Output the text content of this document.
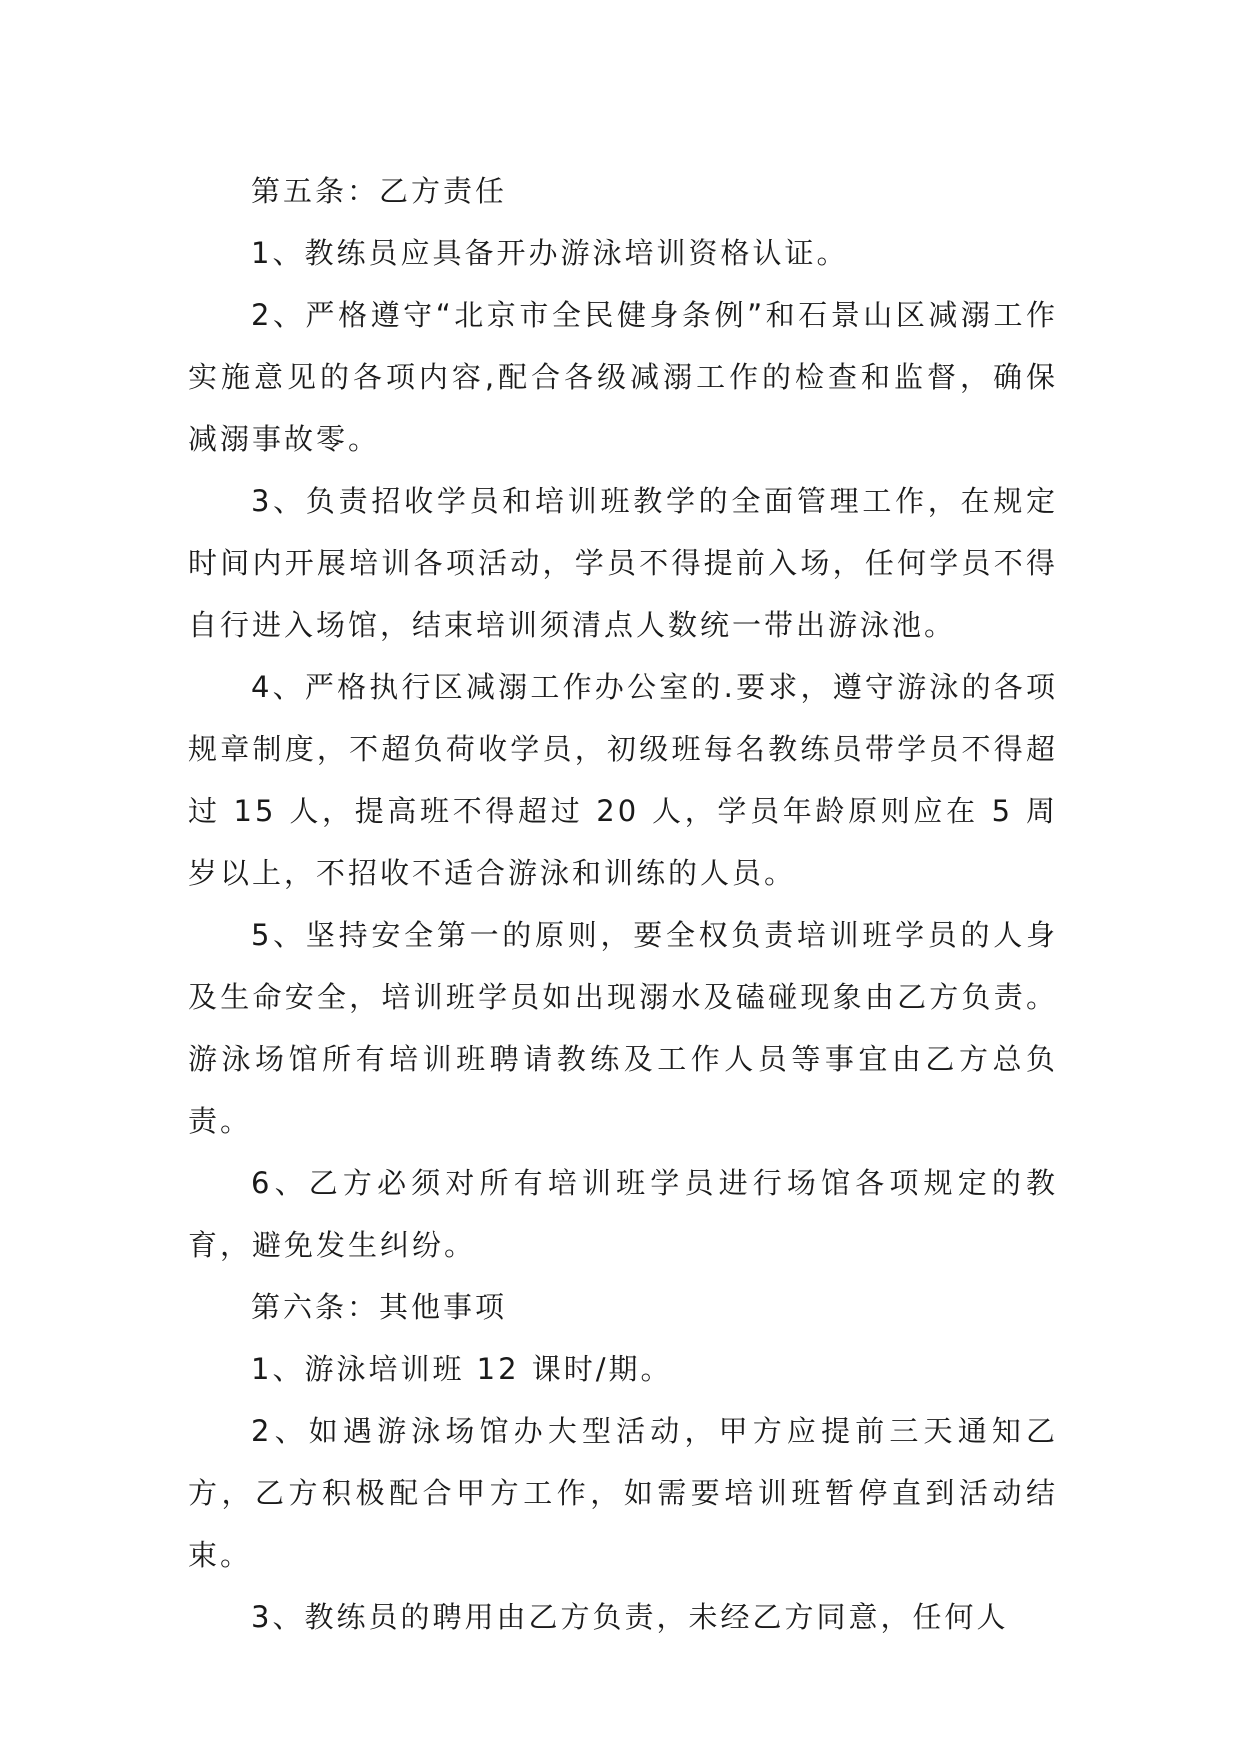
第五条：乙方责任

1、教练员应具备开办游泳培训资格认证。

2、严格遵守“北京市全民健身条例”和石景山区减溺工作实施意见的各项内容,配合各级减溺工作的检查和监督，确保减溺事故零。

3、负责招收学员和培训班教学的全面管理工作，在规定时间内开展培训各项活动，学员不得提前入场，任何学员不得自行进入场馆，结束培训须清点人数统一带出游泳池。

4、严格执行区减溺工作办公室的.要求，遵守游泳的各项规章制度，不超负荷收学员，初级班每名教练员带学员不得超过 15 人，提高班不得超过 20 人，学员年龄原则应在 5 周岁以上，不招收不适合游泳和训练的人员。

5、坚持安全第一的原则，要全权负责培训班学员的人身及生命安全，培训班学员如出现溺水及磕碰现象由乙方负责。游泳场馆所有培训班聘请教练及工作人员等事宜由乙方总负责。

6、乙方必须对所有培训班学员进行场馆各项规定的教育，避免发生纠纷。

第六条：其他事项

1、游泳培训班 12 课时/期。

2、如遇游泳场馆办大型活动，甲方应提前三天通知乙方，乙方积极配合甲方工作，如需要培训班暂停直到活动结束。

3、教练员的聘用由乙方负责，未经乙方同意，任何人
